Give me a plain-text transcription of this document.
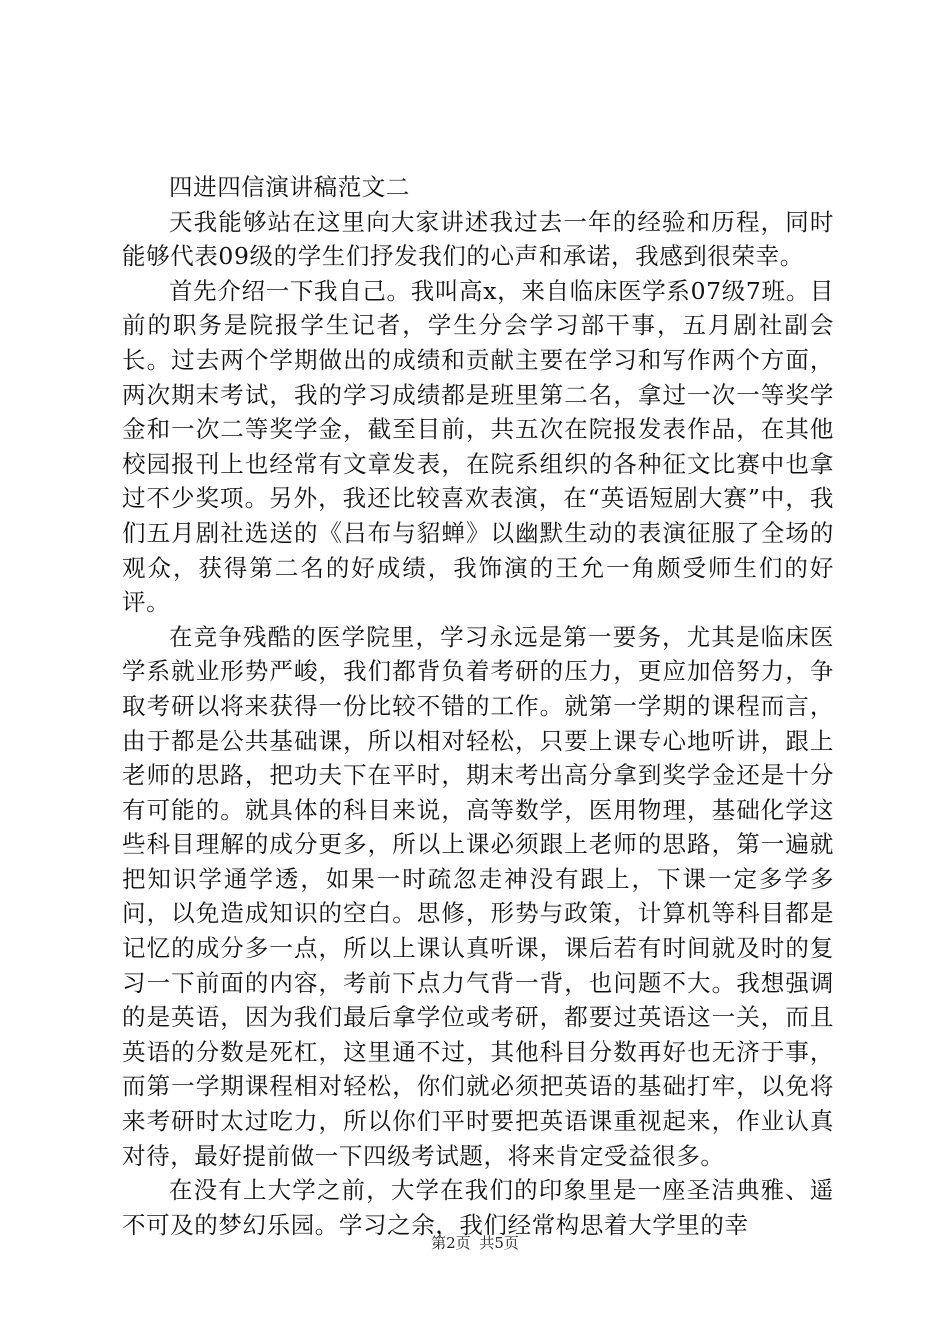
四进四信演讲稿范文二

天我能够站在这里向大家讲述我过去一年的经验和历程，同时能够代表09级的学生们抒发我们的心声和承诺，我感到很荣幸。

首先介绍一下我自己。我叫高x，来自临床医学系07级7班。目前的职务是院报学生记者，学生分会学习部干事，五月剧社副会长。过去两个学期做出的成绩和贡献主要在学习和写作两个方面，两次期末考试，我的学习成绩都是班里第二名，拿过一次一等奖学金和一次二等奖学金，截至目前，共五次在院报发表作品，在其他校园报刊上也经常有文章发表，在院系组织的各种征文比赛中也拿过不少奖项。另外，我还比较喜欢表演，在“英语短剧大赛”中，我们五月剧社选送的《吕布与貂蝉》以幽默生动的表演征服了全场的观众，获得第二名的好成绩，我饰演的王允一角颇受师生们的好评。

在竞争残酷的医学院里，学习永远是第一要务，尤其是临床医学系就业形势严峻，我们都背负着考研的压力，更应加倍努力，争取考研以将来获得一份比较不错的工作。就第一学期的课程而言，由于都是公共基础课，所以相对轻松，只要上课专心地听讲，跟上老师的思路，把功夫下在平时，期末考出高分拿到奖学金还是十分有可能的。就具体的科目来说，高等数学，医用物理，基础化学这些科目理解的成分更多，所以上课必须跟上老师的思路，第一遍就把知识学通学透，如果一时疏忽走神没有跟上，下课一定多学多问，以免造成知识的空白。思修，形势与政策，计算机等科目都是记忆的成分多一点，所以上课认真听课，课后若有时间就及时的复习一下前面的内容，考前下点力气背一背，也问题不大。我想强调的是英语，因为我们最后拿学位或考研，都要过英语这一关，而且英语的分数是死杠，这里通不过，其他科目分数再好也无济于事，而第一学期课程相对轻松，你们就必须把英语的基础打牢，以免将来考研时太过吃力，所以你们平时要把英语课重视起来，作业认真对待，最好提前做一下四级考试题，将来肯定受益很多。

在没有上大学之前，大学在我们的印象里是一座圣洁典雅、遥不可及的梦幻乐园。学习之余，我们经常构思着大学里的幸

第2页 共5页
